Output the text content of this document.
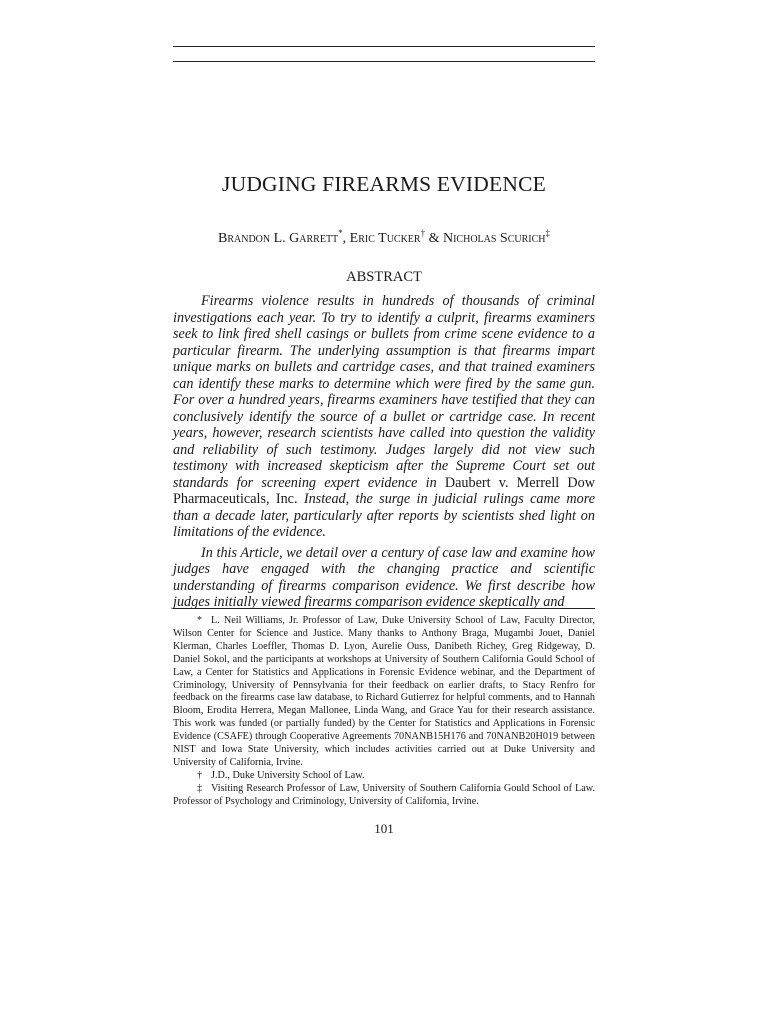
JUDGING FIREARMS EVIDENCE
Brandon L. Garrett*, Eric Tucker† & Nicholas Scurich‡
ABSTRACT

Firearms violence results in hundreds of thousands of criminal investigations each year. To try to identify a culprit, firearms examiners seek to link fired shell casings or bullets from crime scene evidence to a particular firearm. The underlying assumption is that firearms impart unique marks on bullets and cartridge cases, and that trained examiners can identify these marks to determine which were fired by the same gun. For over a hundred years, firearms examiners have testified that they can conclusively identify the source of a bullet or cartridge case. In recent years, however, research scientists have called into question the validity and reliability of such testimony. Judges largely did not view such testimony with increased skepticism after the Supreme Court set out standards for screening expert evidence in Daubert v. Merrell Dow Pharmaceuticals, Inc. Instead, the surge in judicial rulings came more than a decade later, particularly after reports by scientists shed light on limitations of the evidence.

In this Article, we detail over a century of case law and examine how judges have engaged with the changing practice and scientific understanding of firearms comparison evidence. We first describe how judges initially viewed firearms comparison evidence skeptically and

* L. Neil Williams, Jr. Professor of Law, Duke University School of Law, Faculty Director, Wilson Center for Science and Justice. Many thanks to Anthony Braga, Mugambi Jouet, Daniel Klerman, Charles Loeffler, Thomas D. Lyon, Aurelie Ouss, Danibeth Richey, Greg Ridgeway, D. Daniel Sokol, and the participants at workshops at University of Southern California Gould School of Law, a Center for Statistics and Applications in Forensic Evidence webinar, and the Department of Criminology, University of Pennsylvania for their feedback on earlier drafts, to Stacy Renfro for feedback on the firearms case law database, to Richard Gutierrez for helpful comments, and to Hannah Bloom, Erodita Herrera, Megan Mallonee, Linda Wang, and Grace Yau for their research assistance. This work was funded (or partially funded) by the Center for Statistics and Applications in Forensic Evidence (CSAFE) through Cooperative Agreements 70NANB15H176 and 70NANB20H019 between NIST and Iowa State University, which includes activities carried out at Duke University and University of California, Irvine.

† J.D., Duke University School of Law.

‡ Visiting Research Professor of Law, University of Southern California Gould School of Law. Professor of Psychology and Criminology, University of California, Irvine.

101
